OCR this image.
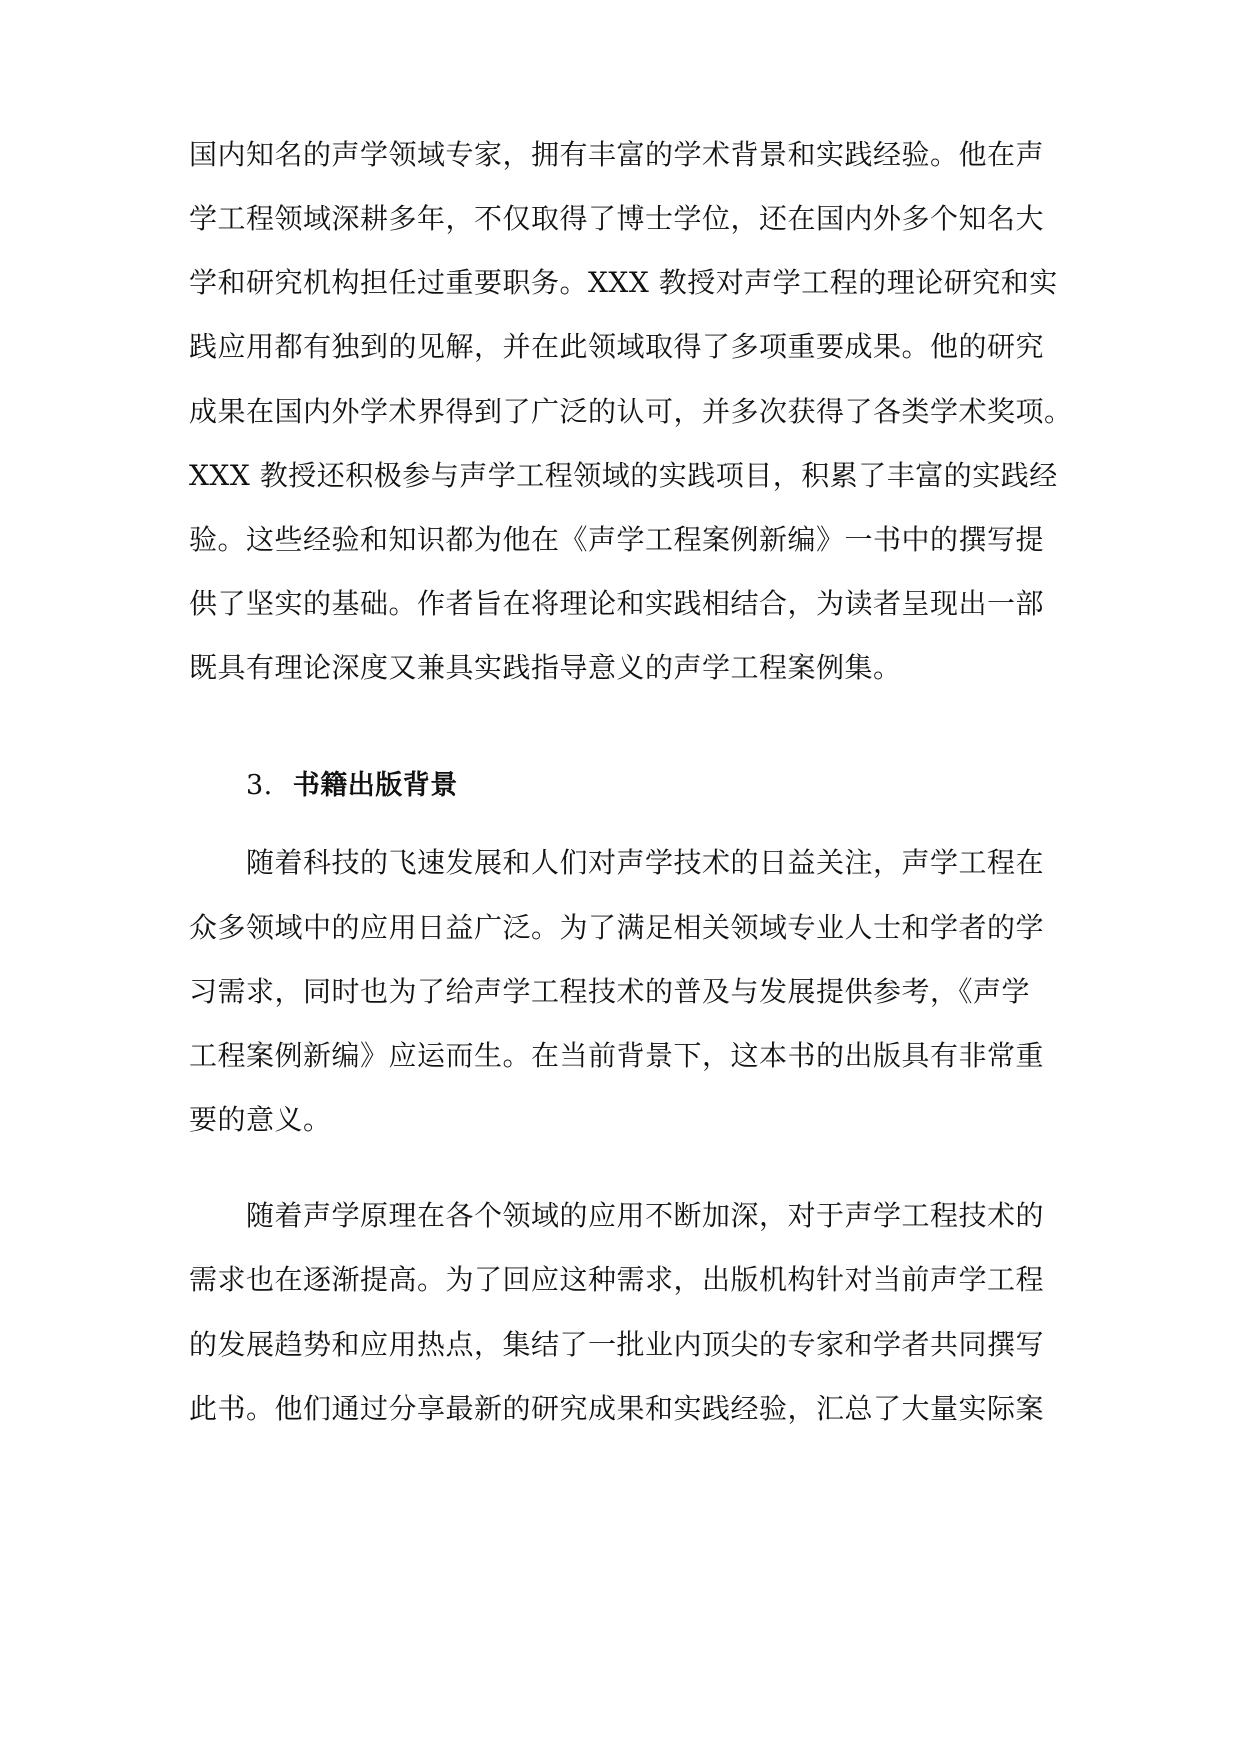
国内知名的声学领域专家，拥有丰富的学术背景和实践经验。他在声
学工程领域深耕多年，不仅取得了博士学位，还在国内外多个知名大
学和研究机构担任过重要职务。XXX 教授对声学工程的理论研究和实
践应用都有独到的见解，并在此领域取得了多项重要成果。他的研究
成果在国内外学术界得到了广泛的认可，并多次获得了各类学术奖项。
XXX 教授还积极参与声学工程领域的实践项目，积累了丰富的实践经
验。这些经验和知识都为他在《声学工程案例新编》一书中的撰写提
供了坚实的基础。作者旨在将理论和实践相结合，为读者呈现出一部
既具有理论深度又兼具实践指导意义的声学工程案例集。
3. 书籍出版背景
随着科技的飞速发展和人们对声学技术的日益关注，声学工程在
众多领域中的应用日益广泛。为了满足相关领域专业人士和学者的学
习需求，同时也为了给声学工程技术的普及与发展提供参考，《声学
工程案例新编》应运而生。在当前背景下，这本书的出版具有非常重
要的意义。
随着声学原理在各个领域的应用不断加深，对于声学工程技术的
需求也在逐渐提高。为了回应这种需求，出版机构针对当前声学工程
的发展趋势和应用热点，集结了一批业内顶尖的专家和学者共同撰写
此书。他们通过分享最新的研究成果和实践经验，汇总了大量实际案
